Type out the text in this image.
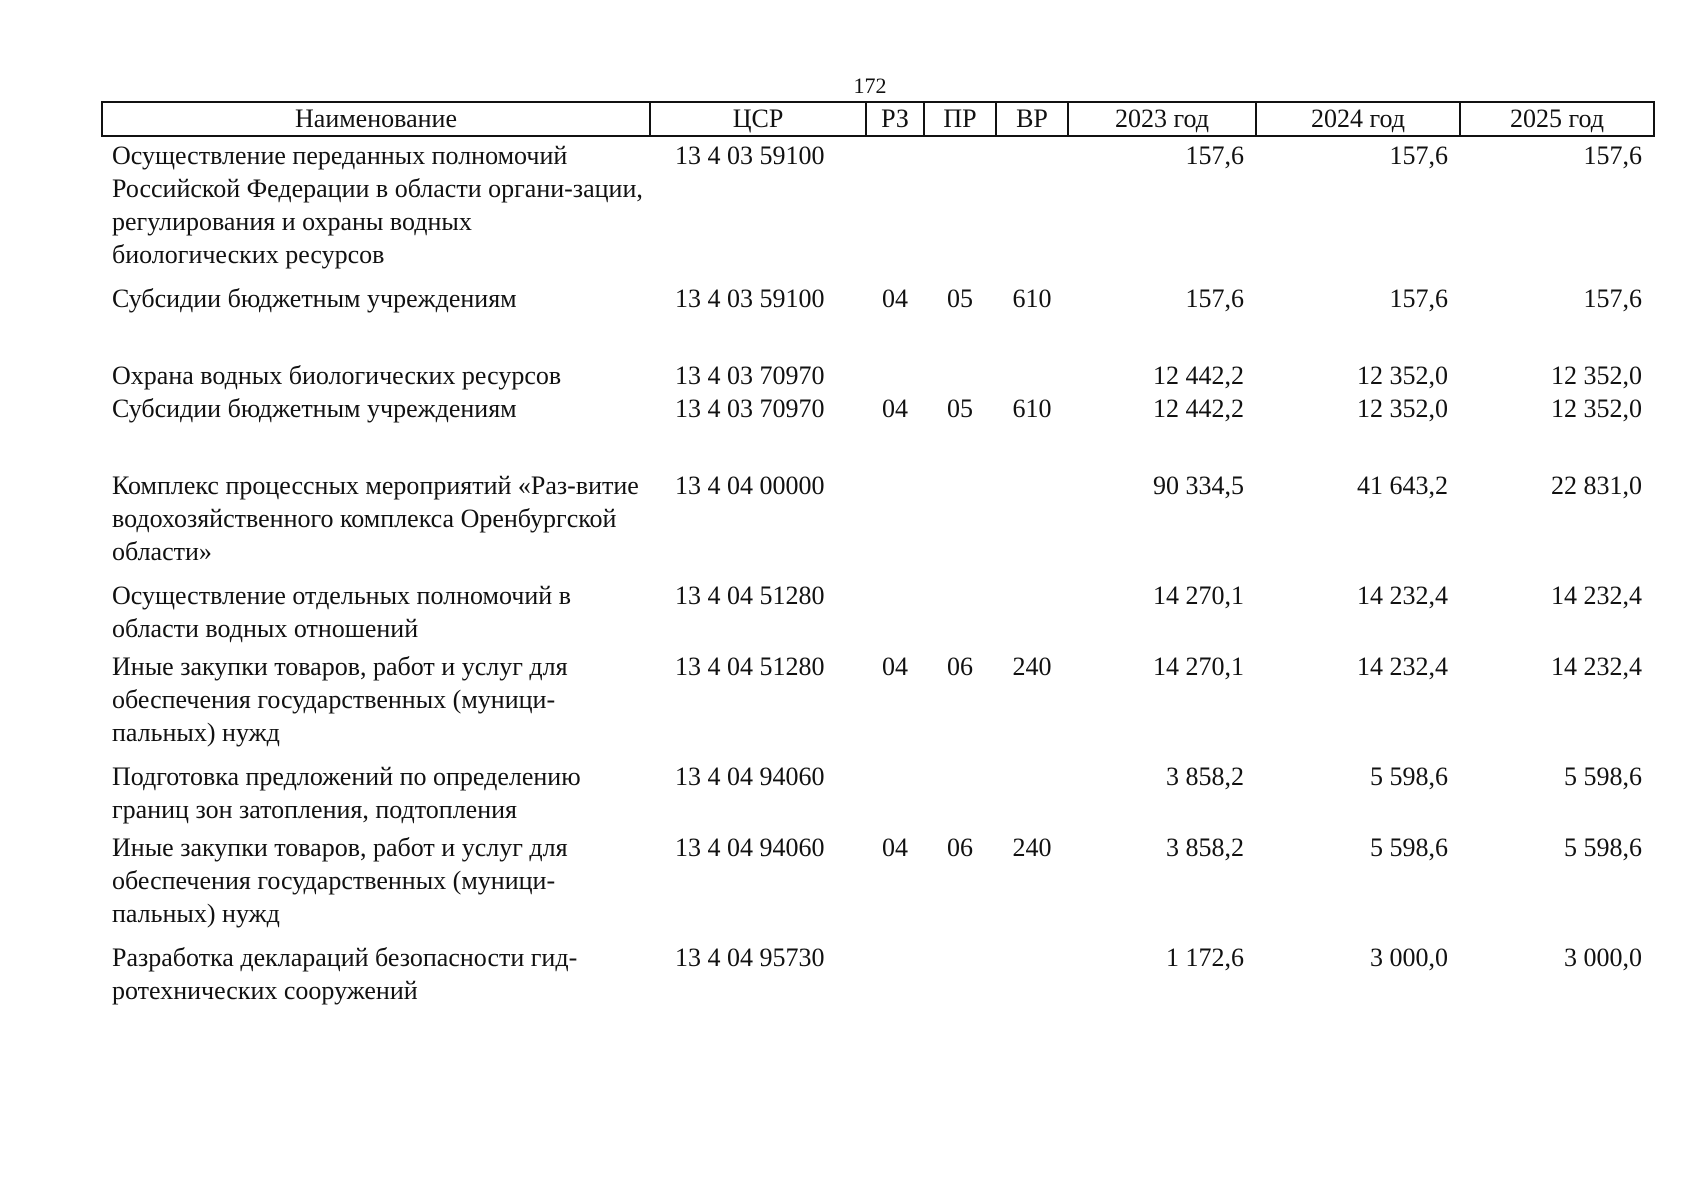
172
Наименование	ЦСР	РЗ	ПР	ВР	2023 год	2024 год	2025 год
Осуществление переданных полномочий Российской Федерации в области органи-зации, регулирования и охраны водных биологических ресурсов	13 4 03 59100				157,6	157,6	157,6
Субсидии бюджетным учреждениям	13 4 03 59100	04	05	610	157,6	157,6	157,6
Охрана водных биологических ресурсов	13 4 03 70970				12 442,2	12 352,0	12 352,0
Субсидии бюджетным учреждениям	13 4 03 70970	04	05	610	12 442,2	12 352,0	12 352,0
Комплекс процессных мероприятий «Раз-витие водохозяйственного комплекса Оренбургской области»	13 4 04 00000				90 334,5	41 643,2	22 831,0
Осуществление отдельных полномочий в области водных отношений	13 4 04 51280				14 270,1	14 232,4	14 232,4
Иные закупки товаров, работ и услуг для обеспечения государственных (муници-пальных) нужд	13 4 04 51280	04	06	240	14 270,1	14 232,4	14 232,4
Подготовка предложений по определению границ зон затопления, подтопления	13 4 04 94060				3 858,2	5 598,6	5 598,6
Иные закупки товаров, работ и услуг для обеспечения государственных (муници-пальных) нужд	13 4 04 94060	04	06	240	3 858,2	5 598,6	5 598,6
Разработка деклараций безопасности гид-ротехнических сооружений	13 4 04 95730				1 172,6	3 000,0	3 000,0
